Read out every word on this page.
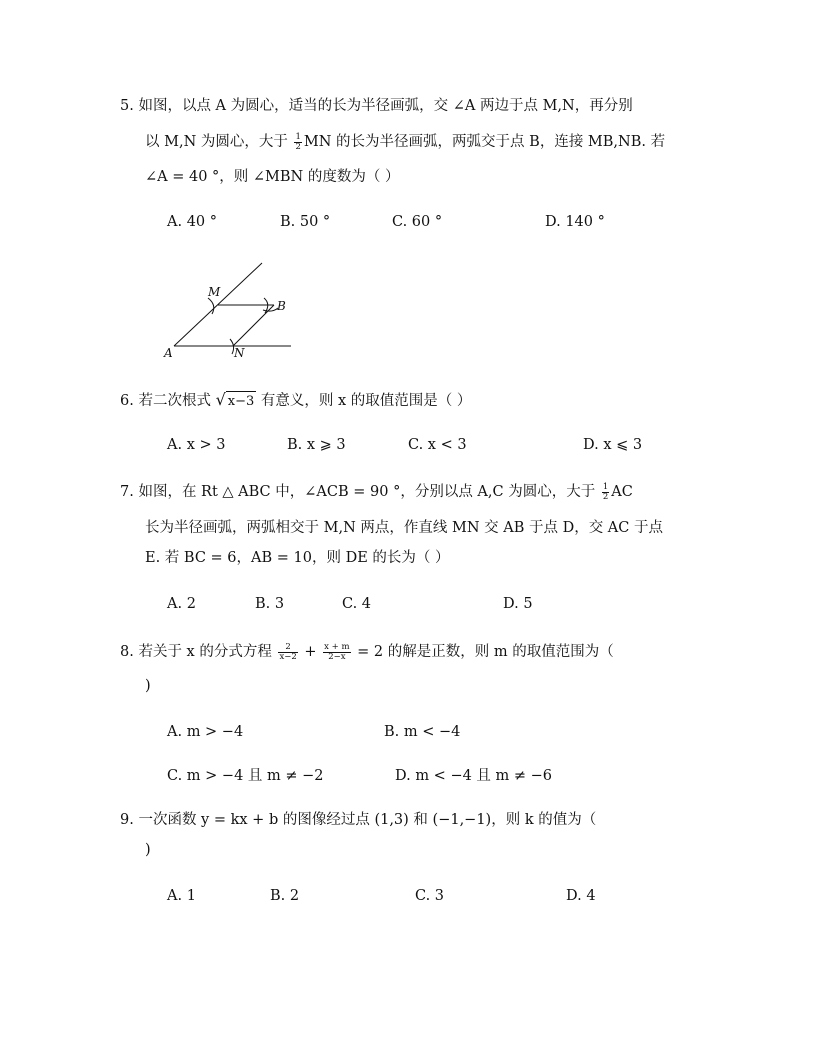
5. 如图，以点 A 为圆心，适当的长为半径画弧，交 ∠A 两边于点 M,N，再分别
以 M,N 为圆心，大于 $\frac{1}{2}$ MN 的长为半径画弧，两弧交于点 B，连接 MB,NB. 若
∠A = 40 °，则 ∠MBN 的度数为（ ）
A. 40 °	B. 50 °	C. 60 °	D. 140 °
M
B
A	N
6. 若二次根式 √ x−3 有意义，则 x 的取值范围是（ ）
A. x > 3	B. x ⩾ 3	C. x < 3	D. x ⩽ 3
7. 如图，在 Rt △ ABC 中，∠ACB = 90 °，分别以点 A,C 为圆心，大于 $\frac{1}{2}$ AC
长为半径画弧，两弧相交于 M,N 两点，作直线 MN 交 AB 于点 D，交 AC 于点
E. 若 BC = 6，AB = 10，则 DE 的长为（ ）
A. 2	B. 3	C. 4	D. 5
8. 若关于 x 的分式方程 $\frac{2}{x-2} + \frac{x + m}{2-x} = 2$ 的解是正数，则 m 的取值范围为（
)
A. m > −4	B. m < −4
C. m > −4 且 m ≠ −2	D. m < −4 且 m ≠ −6
9. 一次函数 y = kx + b 的图像经过点 (1,3) 和 (−1,−1)，则 k 的值为（
)
A. 1	B. 2	C. 3	D. 4
